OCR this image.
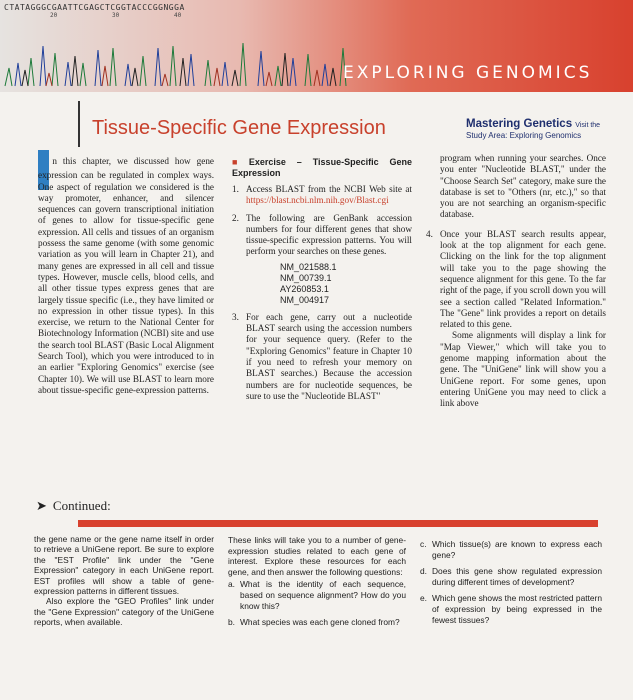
CTATAGGGCGAATTCGAGCTCGGTACCCGGNGGA
20	30	40
EXPLORING GENOMICS
Tissue-Specific Gene Expression	Mastering Genetics Visit the
Study Area: Exploring Genomics

n this chapter, we discussed how gene expression can be regulated in complex ways. One aspect of regulation we considered is the way promoter, enhancer, and silencer sequences can govern transcriptional initiation of genes to allow for tissue-specific gene expression. All cells and tissues of an organism possess the same genome (with some genomic variation as you will learn in Chapter 21), and many genes are expressed in all cell and tissue types. However, muscle cells, blood cells, and all other tissue types express genes that are largely tissue specific (i.e., they have limited or no expression in other tissue types). In this exercise, we return to the National Center for Biotechnology Information (NCBI) site and use the search tool BLAST (Basic Local Alignment Search Tool), which you were introduced to in an earlier "Exploring Genomics" exercise (see Chapter 10). We will use BLAST to learn more about tissue-specific gene-expression patterns.

■ Exercise – Tissue-Specific Gene Expression
1. Access BLAST from the NCBI Web site at https://blast.ncbi.nlm.nih.gov/Blast.cgi
2. The following are GenBank accession numbers for four different genes that show tissue-specific expression patterns. You will perform your searches on these genes.
NM_021588.1
NM_00739.1
AY260853.1
NM_004917
3. For each gene, carry out a nucleotide BLAST search using the accession numbers for your sequence query. (Refer to the "Exploring Genomics" feature in Chapter 10 if you need to refresh your memory on BLAST searches.) Because the accession numbers are for nucleotide sequences, be sure to use the "Nucleotide BLAST"

program when running your searches. Once you enter "Nucleotide BLAST," under the "Choose Search Set" category, make sure the database is set to "Others (nr, etc.)," so that you are not searching an organism-specific database.

4. Once your BLAST search results appear, look at the top alignment for each gene. Clicking on the link for the top alignment will take you to the page showing the sequence alignment for this gene. To the far right of the page, if you scroll down you will see a section called "Related Information." The "Gene" link provides a report on details related to this gene.

Some alignments will display a link for "Map Viewer," which will take you to genome mapping information about the gene. The "UniGene" link will show you a UniGene report. For some genes, upon entering UniGene you may need to click a link above

➤ Continued:

the gene name or the gene name itself in order to retrieve a UniGene report. Be sure to explore the "EST Profile" link under the "Gene Expression" category in each UniGene report. EST profiles will show a table of gene-expression patterns in different tissues.

Also explore the "GEO Profiles" link under the "Gene Expression" category of the UniGene reports, when available.

These links will take you to a number of gene-expression studies related to each gene of interest. Explore these resources for each gene, and then answer the following questions:

a. What is the identity of each sequence, based on sequence alignment? How do you know this?
b. What species was each gene cloned from?
c. Which tissue(s) are known to express each gene?
d. Does this gene show regulated expression during different times of development?
e. Which gene shows the most restricted pattern of expression by being expressed in the fewest tissues?
